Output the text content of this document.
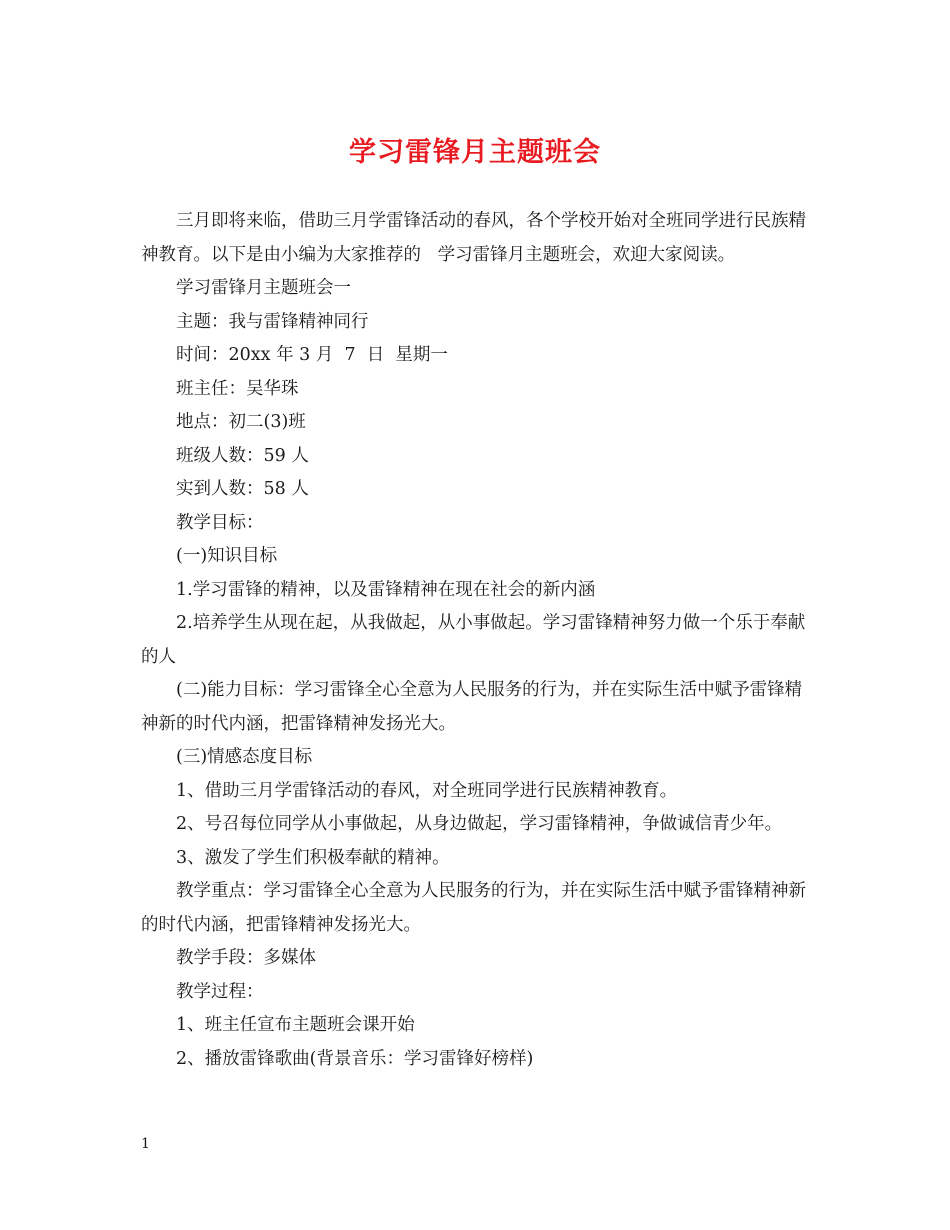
学习雷锋月主题班会

三月即将来临，借助三月学雷锋活动的春风，各个学校开始对全班同学进行民族精神教育。以下是由小编为大家推荐的   学习雷锋月主题班会，欢迎大家阅读。

学习雷锋月主题班会一

主题：我与雷锋精神同行

时间：20xx 年 3 月  7  日  星期一

班主任：吴华珠

地点：初二(3)班

班级人数：59 人

实到人数：58 人

教学目标：

(一)知识目标

1.学习雷锋的精神，以及雷锋精神在现在社会的新内涵

2.培养学生从现在起，从我做起，从小事做起。学习雷锋精神努力做一个乐于奉献的人

(二)能力目标：学习雷锋全心全意为人民服务的行为，并在实际生活中赋予雷锋精神新的时代内涵，把雷锋精神发扬光大。

(三)情感态度目标

1、借助三月学雷锋活动的春风，对全班同学进行民族精神教育。

2、号召每位同学从小事做起，从身边做起，学习雷锋精神，争做诚信青少年。

3、激发了学生们积极奉献的精神。

教学重点：学习雷锋全心全意为人民服务的行为，并在实际生活中赋予雷锋精神新的时代内涵，把雷锋精神发扬光大。

教学手段：多媒体

教学过程：

1、班主任宣布主题班会课开始

2、播放雷锋歌曲(背景音乐：学习雷锋好榜样)

1
